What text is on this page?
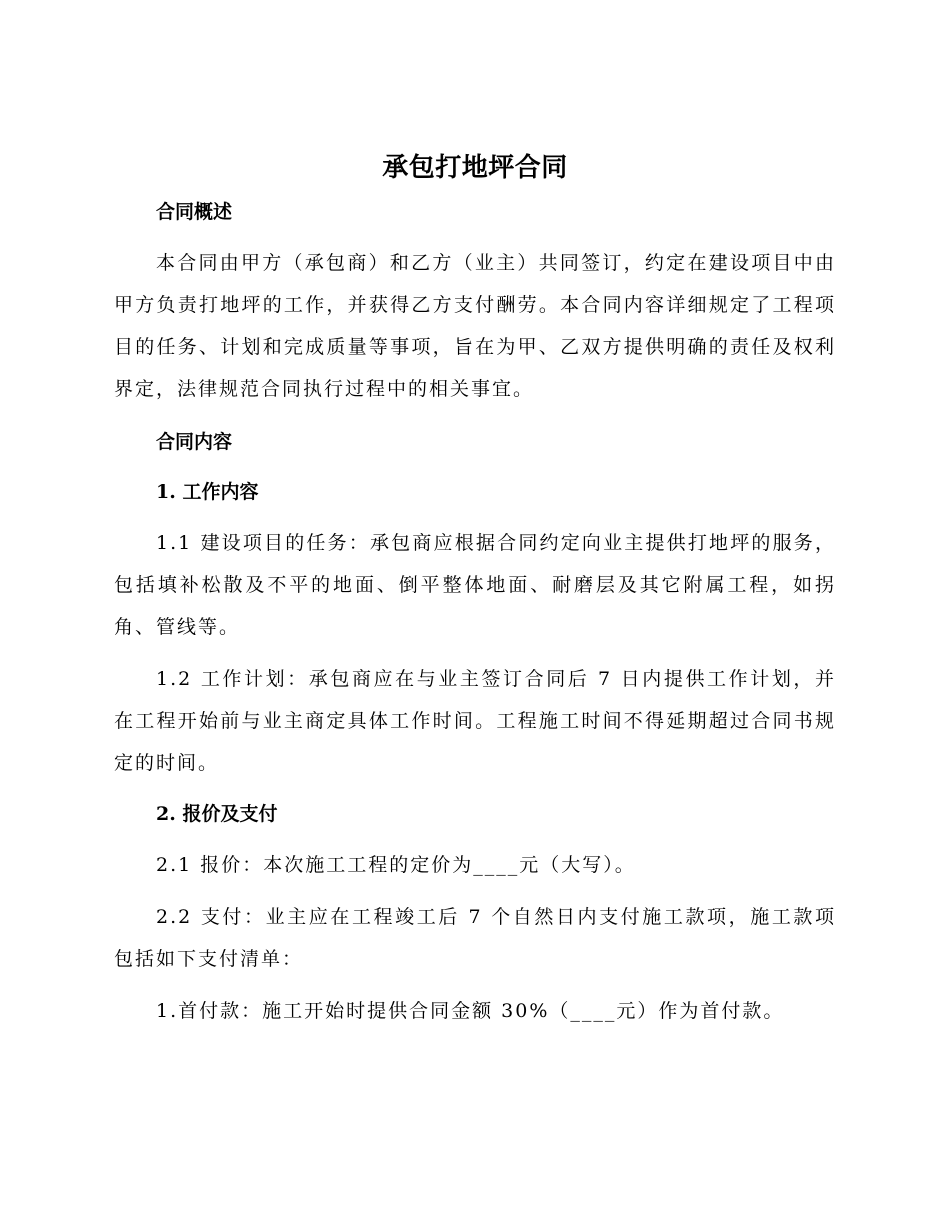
承包打地坪合同

合同概述

本合同由甲方（承包商）和乙方（业主）共同签订，约定在建设项目中由甲方负责打地坪的工作，并获得乙方支付酬劳。本合同内容详细规定了工程项目的任务、计划和完成质量等事项，旨在为甲、乙双方提供明确的责任及权利界定，法律规范合同执行过程中的相关事宜。

合同内容

1. 工作内容

1.1 建设项目的任务：承包商应根据合同约定向业主提供打地坪的服务，包括填补松散及不平的地面、倒平整体地面、耐磨层及其它附属工程，如拐角、管线等。

1.2 工作计划：承包商应在与业主签订合同后 7 日内提供工作计划，并在工程开始前与业主商定具体工作时间。工程施工时间不得延期超过合同书规定的时间。

2. 报价及支付

2.1 报价：本次施工工程的定价为____元（大写）。

2.2 支付：业主应在工程竣工后 7 个自然日内支付施工款项，施工款项包括如下支付清单：

1.首付款：施工开始时提供合同金额 30%（____元）作为首付款。
